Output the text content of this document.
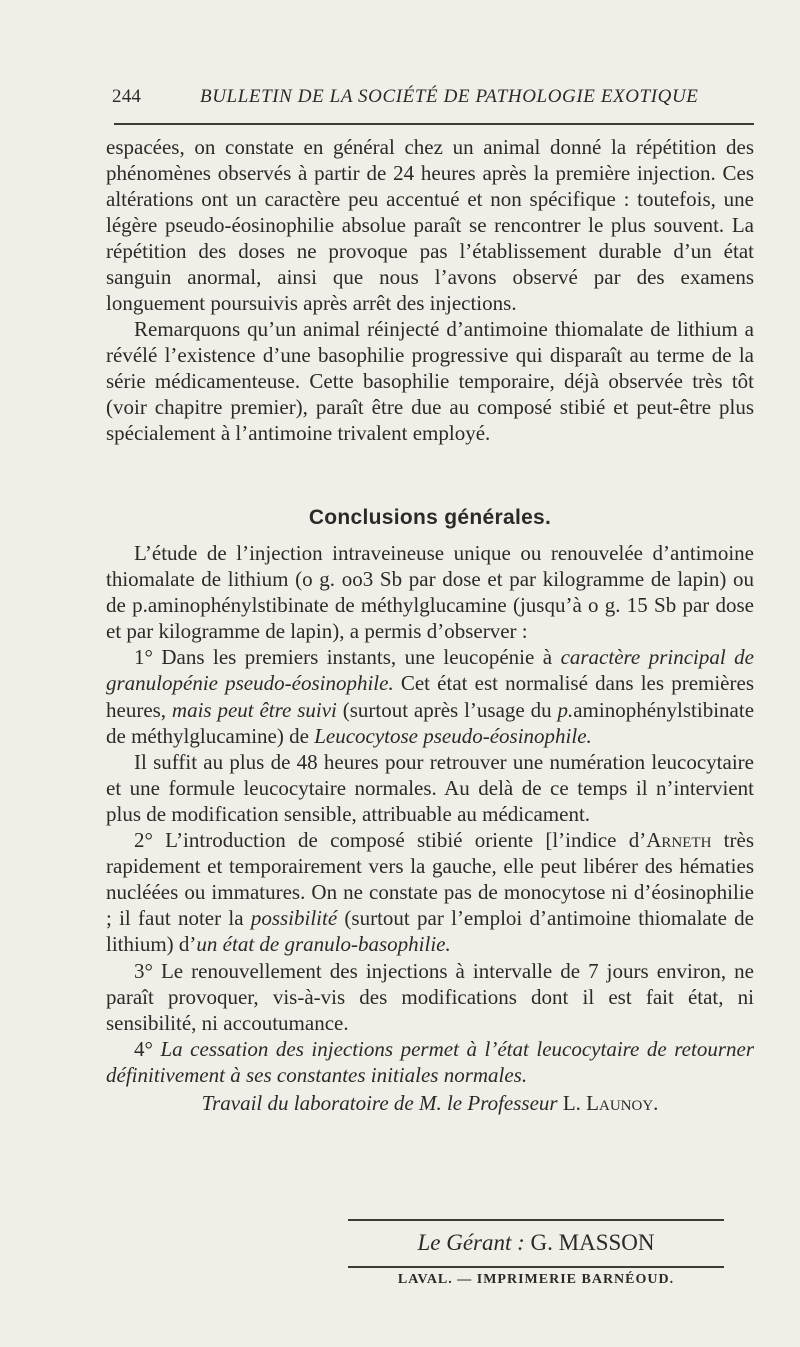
244	BULLETIN DE LA SOCIÉTÉ DE PATHOLOGIE EXOTIQUE

espacées, on constate en général chez un animal donné la répétition des phénomènes observés à partir de 24 heures après la première injection. Ces altérations ont un caractère peu accentué et non spécifique : toutefois, une légère pseudo-éosinophilie absolue paraît se rencontrer le plus souvent. La répétition des doses ne provoque pas l’établissement durable d’un état sanguin anormal, ainsi que nous l’avons observé par des examens longuement poursuivis après arrêt des injections.

Remarquons qu’un animal réinjecté d’antimoine thiomalate de lithium a révélé l’existence d’une basophilie progressive qui disparaît au terme de la série médicamenteuse. Cette basophilie temporaire, déjà observée très tôt (voir chapitre premier), paraît être due au composé stibié et peut-être plus spécialement à l’antimoine trivalent employé.

Conclusions générales.

L’étude de l’injection intraveineuse unique ou renouvelée d’antimoine thiomalate de lithium (o g. oo3 Sb par dose et par kilogramme de lapin) ou de p.aminophénylstibinate de méthylglucamine (jusqu’à o g. 15 Sb par dose et par kilogramme de lapin), a permis d’observer :

1° Dans les premiers instants, une leucopénie à caractère principal de granulopénie pseudo-éosinophile. Cet état est normalisé dans les premières heures, mais peut être suivi (surtout après l’usage du p.aminophénylstibinate de méthylglucamine) de Leucocytose pseudo-éosinophile.

Il suffit au plus de 48 heures pour retrouver une numération leucocytaire et une formule leucocytaire normales. Au delà de ce temps il n’intervient plus de modification sensible, attribuable au médicament.

2° L’introduction de composé stibié oriente [l’indice d’Arneth très rapidement et temporairement vers la gauche, elle peut libérer des hématies nucléées ou immatures. On ne constate pas de monocytose ni d’éosinophilie ; il faut noter la possibilité (surtout par l’emploi d’antimoine thiomalate de lithium) d’un état de granulo-basophilie.

3° Le renouvellement des injections à intervalle de 7 jours environ, ne paraît provoquer, vis-à-vis des modifications dont il est fait état, ni sensibilité, ni accoutumance.

4° La cessation des injections permet à l’état leucocytaire de retourner définitivement à ses constantes initiales normales.

Travail du laboratoire de M. le Professeur L. Launoy.

Le Gérant : G. MASSON
LAVAL. — IMPRIMERIE BARNÉOUD.
